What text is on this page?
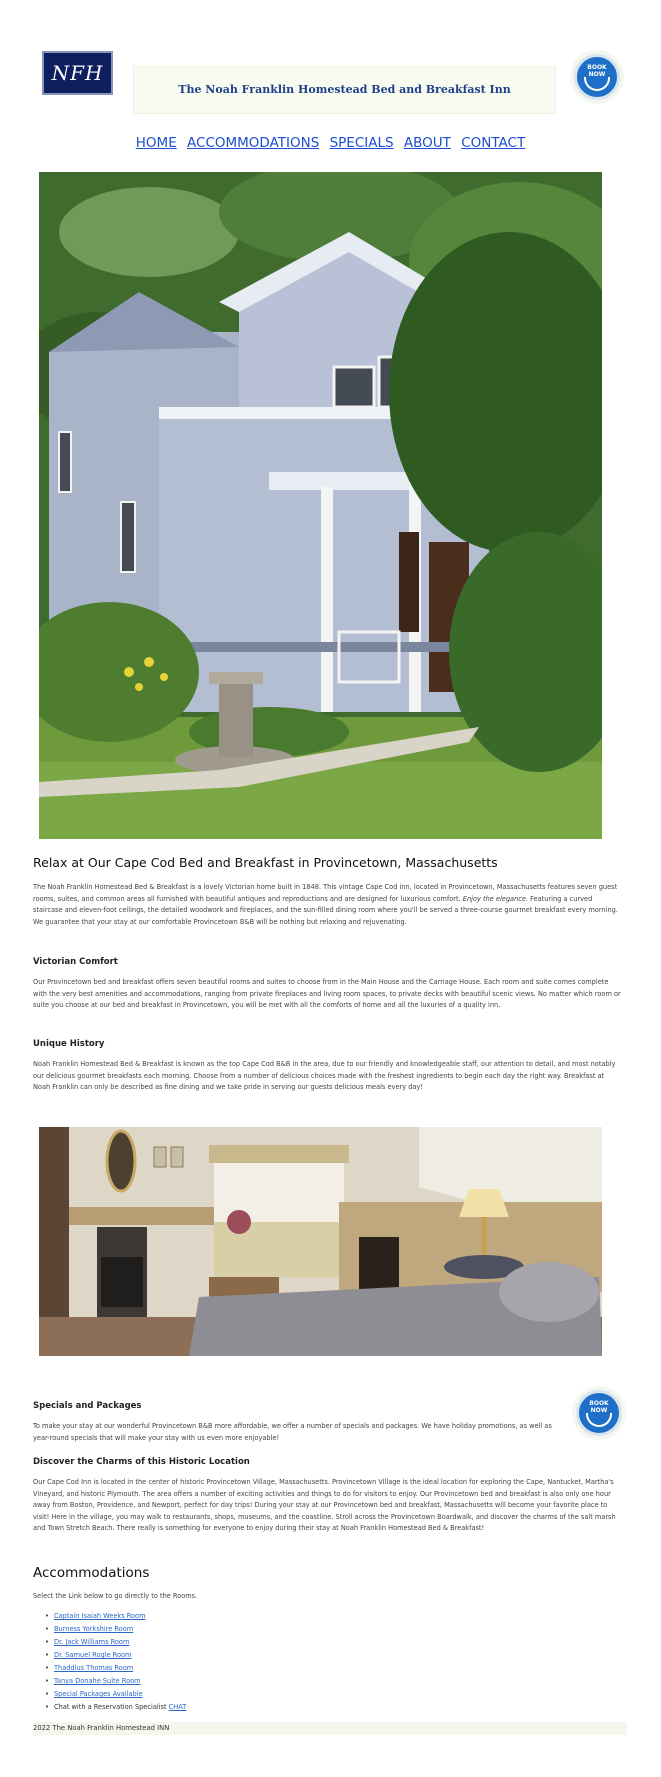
NFH
The Noah Franklin Homestead Bed and Breakfast Inn
BOOK
NOW
HOME ACCOMMODATIONS SPECIALS ABOUT CONTACT
Relax at Our Cape Cod Bed and Breakfast in Provincetown, Massachusetts

The Noah Franklin Homestead Bed & Breakfast is a lovely Victorian home built in 1848. This vintage Cape Cod inn, located in Provincetown, Massachusetts features seven guest rooms, suites, and common areas all furnished with beautiful antiques and reproductions and are designed for luxurious comfort. Enjoy the elegance. Featuring a curved staircase and eleven-foot ceilings, the detailed woodwork and fireplaces, and the sun-filled dining room where you'll be served a three-course gourmet breakfast every morning. We guarantee that your stay at our comfortable Provincetown B&B will be nothing but relaxing and rejuvenating.

Victorian Comfort

Our Provincetown bed and breakfast offers seven beautiful rooms and suites to choose from in the Main House and the Carriage House. Each room and suite comes complete with the very best amenities and accommodations, ranging from private fireplaces and living room spaces, to private decks with beautiful scenic views. No matter which room or suite you choose at our bed and breakfast in Provincetown, you will be met with all the comforts of home and all the luxuries of a quality inn.

Unique History

Noah Franklin Homestead Bed & Breakfast is known as the top Cape Cod B&B in the area, due to our friendly and knowledgeable staff, our attention to detail, and most notably our delicious gourmet breakfasts each morning. Choose from a number of delicious choices made with the freshest ingredients to begin each day the right way. Breakfast at Noah Franklin can only be described as fine dining and we take pride in serving our guests delicious meals every day!

Specials and Packages

To make your stay at our wonderful Provincetown B&B more affordable, we offer a number of specials and packages. We have holiday promotions, as well as year-round specials that will make your stay with us even more enjoyable!

BOOK
NOW
Discover the Charms of this Historic Location

Our Cape Cod Inn is located in the center of historic Provincetown Village, Massachusetts. Provincetown Village is the ideal location for exploring the Cape, Nantucket, Martha's Vineyard, and historic Plymouth. The area offers a number of exciting activities and things to do for visitors to enjoy. Our Provincetown bed and breakfast is also only one hour away from Boston, Providence, and Newport, perfect for day trips! During your stay at our Provincetown bed and breakfast, Massachusetts will become your favorite place to visit! Here in the village, you may walk to restaurants, shops, museums, and the coastline. Stroll across the Provincetown Boardwalk, and discover the charms of the salt marsh and Town Stretch Beach. There really is something for everyone to enjoy during their stay at Noah Franklin Homestead Bed & Breakfast!

Accommodations

Select the Link below to go directly to the Rooms.

• Captain Isaiah Weeks Room
• Burness Yorkshire Room
• Dr. Jack Williams Room
• Dr. Samuel Rogle Room
• Thaddius Thomas Room
• Tanya Donahe Suite Room
• Special Packages Available
• Chat with a Reservation Specialist CHAT
2022 The Noah Franklin Homestead INN
